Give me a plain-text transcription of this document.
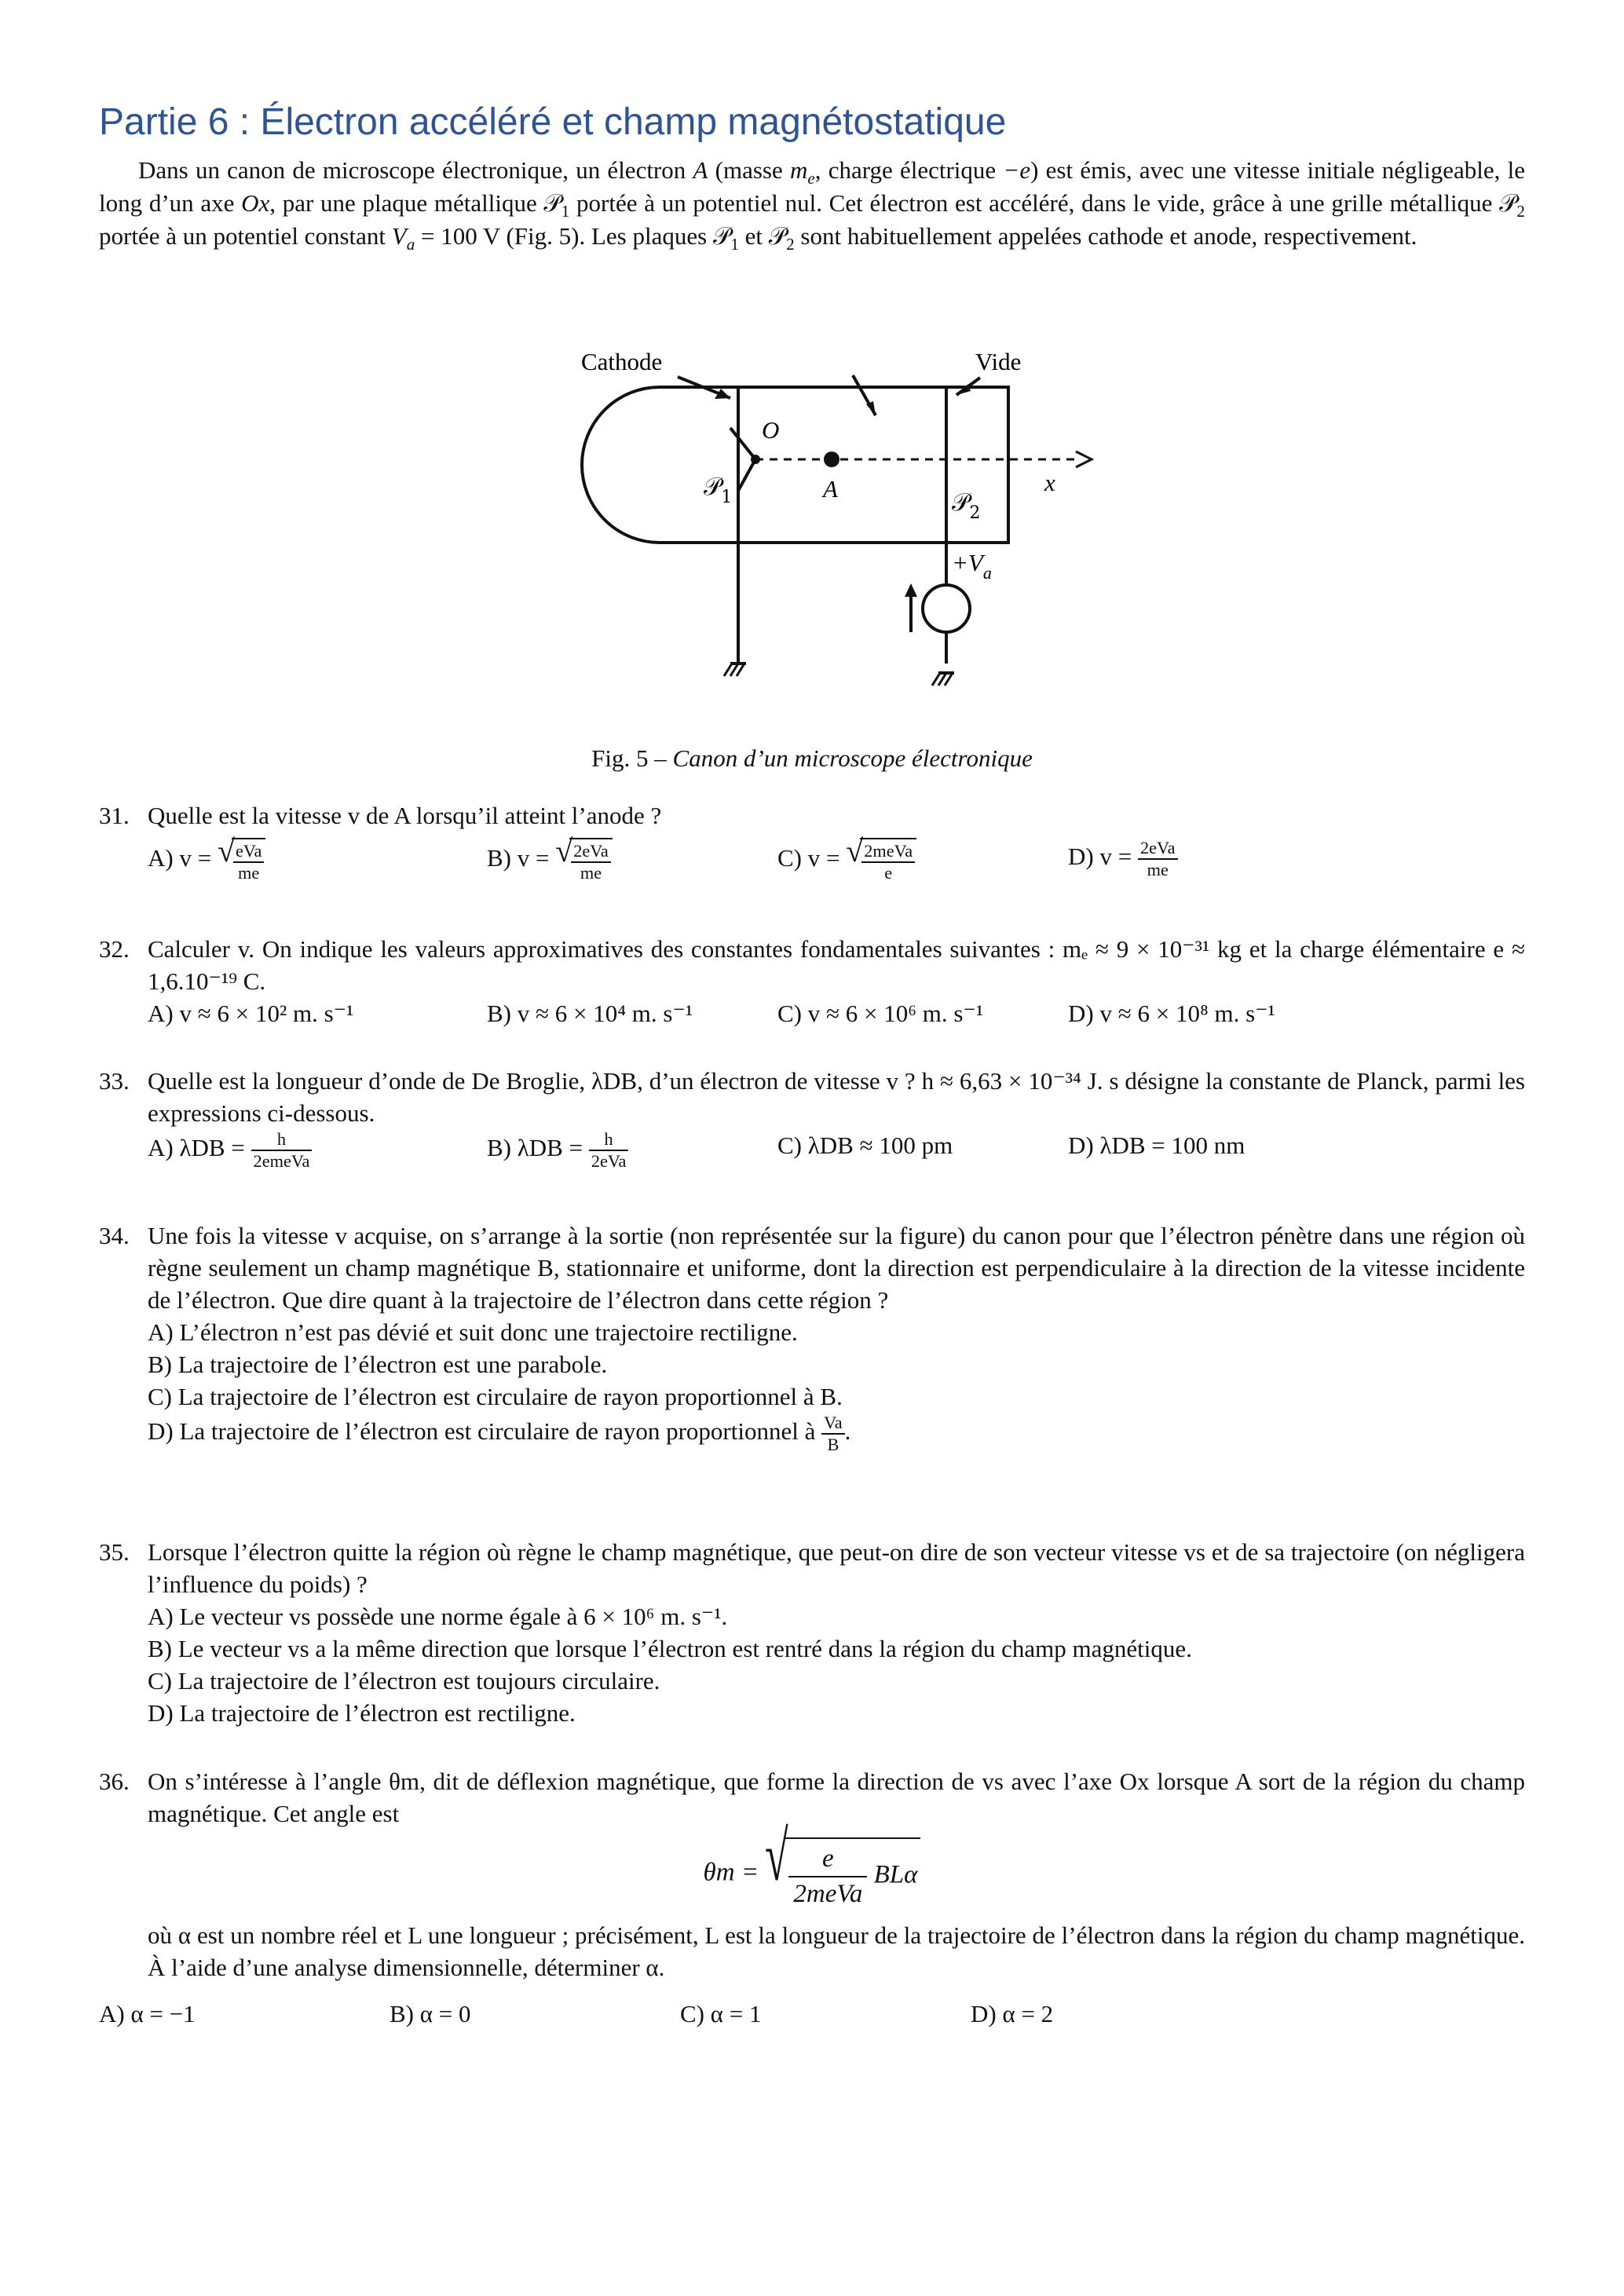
Partie 6 : Électron accéléré et champ magnétostatique

Dans un canon de microscope électronique, un électron A (masse $m_e$, charge électrique −e) est émis, avec une vitesse initiale négligeable, le long d’un axe Ox, par une plaque métallique 𝒫$_1$ portée à un potentiel nul. Cet électron est accéléré, dans le vide, grâce à une grille métallique 𝒫$_2$ portée à un potentiel constant $V_a = 100$ V (Fig. 5). Les plaques 𝒫$_1$ et 𝒫$_2$ sont habituellement appelées cathode et anode, respectivement.

Cathode	Vide
O
A	x
𝒫$_1$	𝒫$_2$
$+V_a$
Fig. 5 – Canon d’un microscope électronique
31. Quelle est la vitesse v de A lorsqu’il atteint l’anode ?
A) v = √ $\frac{\text{eVa}}{me}$	B) v = √ $\frac{\text{2eVa}}{me}$	C) v = √ $\frac{\text{2meVa}}{e}$	D) $v = \frac{\text{2eVa}}{me}$
32. Calculer v. On indique les valeurs approximatives des constantes fondamentales suivantes : mₑ ≈ 9 × 10⁻³¹ kg et la charge élémentaire e ≈ 1,6.10⁻¹⁹ C.
A) v ≈ 6 × 10² m. s⁻¹	B) v ≈ 6 × 10⁴ m. s⁻¹	C) v ≈ 6 × 10⁶ m. s⁻¹	D) v ≈ 6 × 10⁸ m. s⁻¹
33. Quelle est la longueur d’onde de De Broglie, λDB, d’un électron de vitesse v ? h ≈ 6,63 × 10⁻³⁴ J. s désigne la constante de Planck, parmi les expressions ci-dessous.
A) $\lambda DB = \frac{h}{\text{2emeVa}}$	B) $\lambda DB = \frac{h}{\text{2eVa}}$	C) λDB ≈ 100 pm	D) λDB = 100 nm
34. Une fois la vitesse v acquise, on s’arrange à la sortie (non représentée sur la figure) du canon pour que l’électron pénètre dans une région où règne seulement un champ magnétique B, stationnaire et uniforme, dont la direction est perpendiculaire à la direction de la vitesse incidente de l’électron. Que dire quant à la trajectoire de l’électron dans cette région ?
A) L’électron n’est pas dévié et suit donc une trajectoire rectiligne.
B) La trajectoire de l’électron est une parabole.
C) La trajectoire de l’électron est circulaire de rayon proportionnel à B.
D) La trajectoire de l’électron est circulaire de rayon proportionnel à $\frac{Va}{B}$ .
35. Lorsque l’électron quitte la région où règne le champ magnétique, que peut-on dire de son vecteur vitesse vs et de sa trajectoire (on négligera l’influence du poids) ?
A) Le vecteur vs possède une norme égale à 6 × 10⁶ m. s⁻¹.
B) Le vecteur vs a la même direction que lorsque l’électron est rentré dans la région du champ magnétique.
C) La trajectoire de l’électron est toujours circulaire.
D) La trajectoire de l’électron est rectiligne.
36. On s’intéresse à l’angle θm, dit de déflexion magnétique, que forme la direction de vs avec l’axe Ox lorsque A sort de la région du champ magnétique. Cet angle est
θm = √ $\frac{e}{\text{2meVa}}$ BLα
où α est un nombre réel et L une longueur ; précisément, L est la longueur de la trajectoire de l’électron dans la région du champ magnétique. À l’aide d’une analyse dimensionnelle, déterminer α.
A) α = −1	B) α = 0	C) α = 1	D) α = 2
